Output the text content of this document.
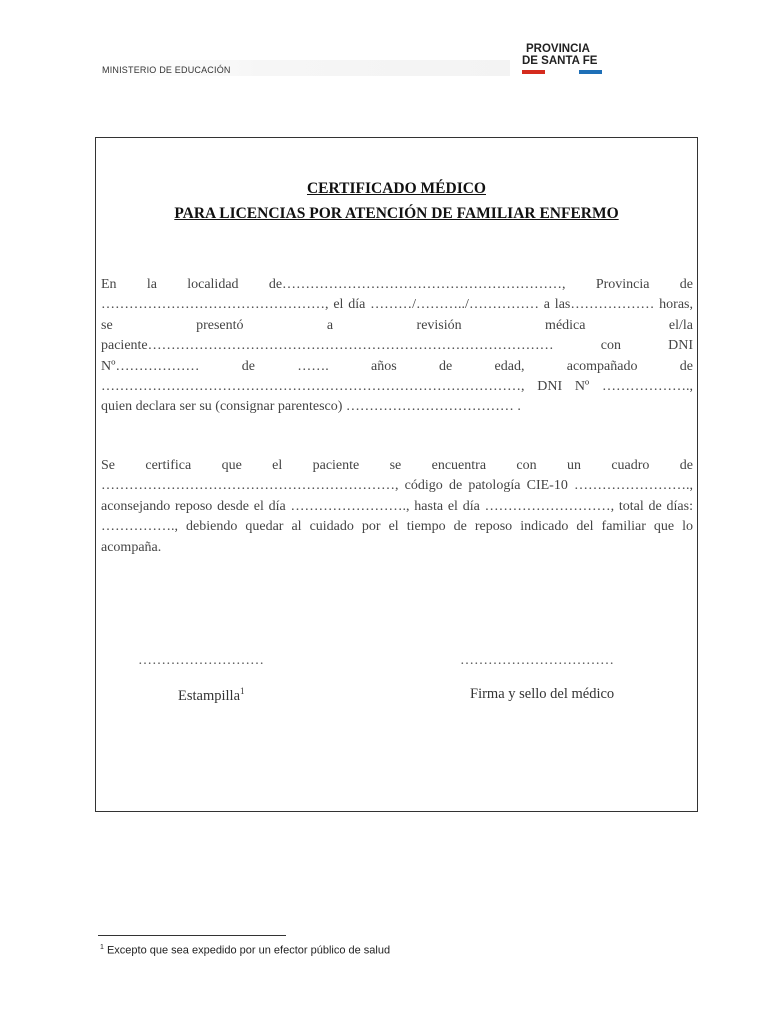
MINISTERIO DE EDUCACIÓN
PROVINCIA
DE SANTA FE
CERTIFICADO MÉDICO
PARA LICENCIAS POR ATENCIÓN DE FAMILIAR ENFERMO

En la localidad de……………………………………………………, Provincia de …………………………………………, el día ………/………../…………… a las……………… horas, se presentó a revisión médica el/la paciente…………………………………………………………………………… con DNI Nº……………… de ……. años de edad, acompañado de ………………………………………………………………………………, DNI Nº ………………., quien declara ser su (consignar parentesco) ……………………………… .

Se certifica que el paciente se encuentra con un cuadro de ………………………………………………………, código de patología CIE-10 ……………………., aconsejando reposo desde el día ……………………., hasta el día ………………………, total de días: ……………., debiendo quedar al cuidado por el tiempo de reposo indicado del familiar que lo acompaña.

………………………	……………………………
Estampilla$^1$	Firma y sello del médico
$^1$ Excepto que sea expedido por un efector público de salud
